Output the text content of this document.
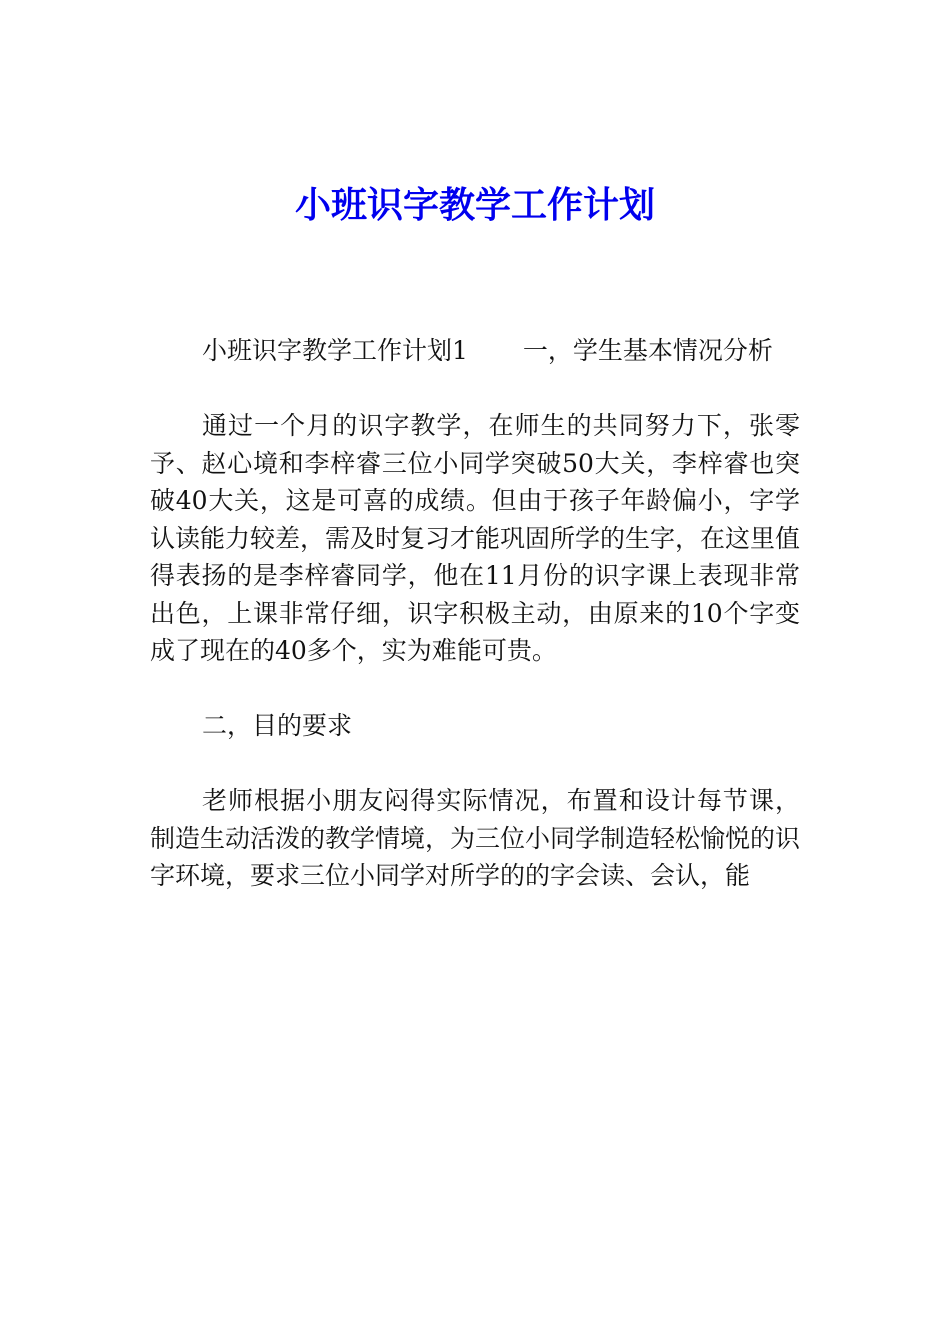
小班识字教学工作计划

小班识字教学工作计划1 一，学生基本情况分析

通过一个月的识字教学，在师生的共同努力下，张零予、赵心境和李梓睿三位小同学突破50大关，李梓睿也突破40大关，这是可喜的成绩。但由于孩子年龄偏小，字学认读能力较差，需及时复习才能巩固所学的生字，在这里值得表扬的是李梓睿同学，他在11月份的识字课上表现非常出色，上课非常仔细，识字积极主动，由原来的10个字变成了现在的40多个，实为难能可贵。

二，目的要求

老师根据小朋友闷得实际情况，布置和设计每节课，制造生动活泼的教学情境，为三位小同学制造轻松愉悦的识字环境，要求三位小同学对所学的的字会读、会认，能
